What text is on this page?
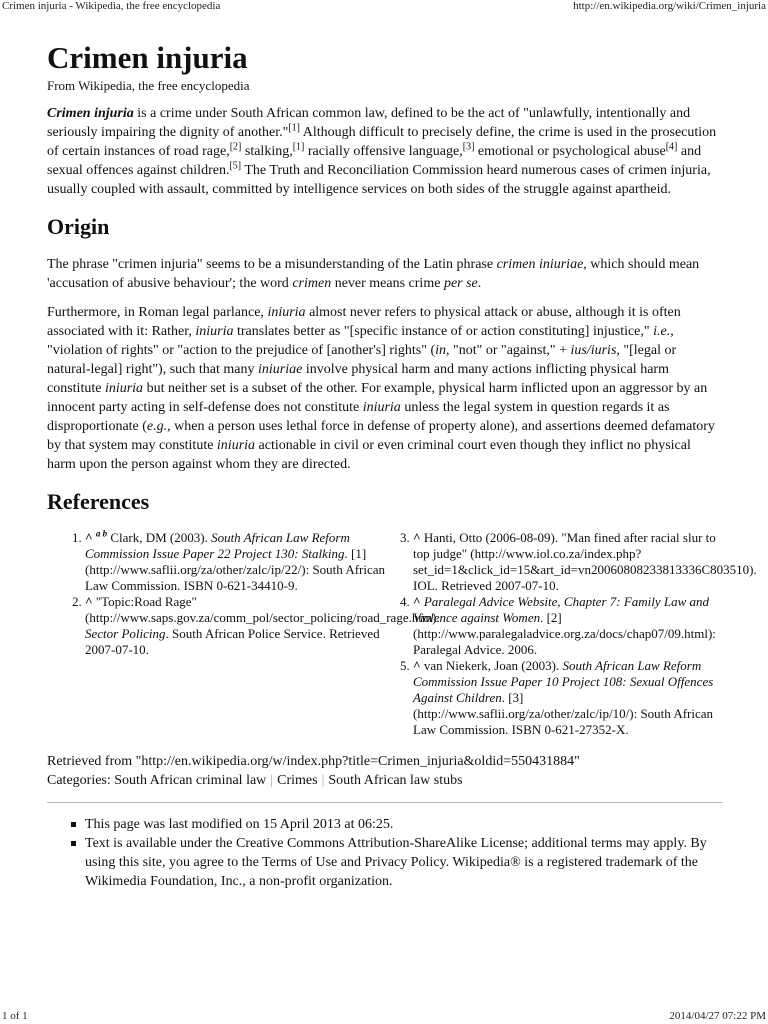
Crimen injuria - Wikipedia, the free encyclopedia	http://en.wikipedia.org/wiki/Crimen_injuria
Crimen injuria
From Wikipedia, the free encyclopedia

Crimen injuria is a crime under South African common law, defined to be the act of "unlawfully, intentionally and seriously impairing the dignity of another."[1] Although difficult to precisely define, the crime is used in the prosecution of certain instances of road rage,[2] stalking,[1] racially offensive language,[3] emotional or psychological abuse[4] and sexual offences against children.[5] The Truth and Reconciliation Commission heard numerous cases of crimen injuria, usually coupled with assault, committed by intelligence services on both sides of the struggle against apartheid.

Origin

The phrase "crimen injuria" seems to be a misunderstanding of the Latin phrase crimen iniuriae, which should mean 'accusation of abusive behaviour'; the word crimen never means crime per se.

Furthermore, in Roman legal parlance, iniuria almost never refers to physical attack or abuse, although it is often associated with it: Rather, iniuria translates better as "[specific instance of or action constituting] injustice," i.e., "violation of rights" or "action to the prejudice of [another's] rights" (in, "not" or "against," + ius/iuris, "[legal or natural-legal] right"), such that many iniuriae involve physical harm and many actions inflicting physical harm constitute iniuria but neither set is a subset of the other. For example, physical harm inflicted upon an aggressor by an innocent party acting in self-defense does not constitute iniuria unless the legal system in question regards it as disproportionate (e.g., when a person uses lethal force in defense of property alone), and assertions deemed defamatory by that system may constitute iniuria actionable in civil or even criminal court even though they inflict no physical harm upon the person against whom they are directed.

References
1. ^ $^{a b}$ Clark, DM (2003). South African Law Reform Commission Issue Paper 22 Project 130: Stalking. [1] (http://www.saflii.org/za/other/zalc/ip/22/): South African Law Commission. ISBN 0-621-34410-9.
2. ^ "Topic:Road Rage" (http://www.saps.gov.za/comm_pol/sector_policing/road_rage.htm). Sector Policing. South African Police Service. Retrieved 2007-07-10.
3. ^ Hanti, Otto (2006-08-09). "Man fined after racial slur to top judge" (http://www.iol.co.za/index.php?set_id=1&click_id=15&art_id=vn20060808233813336C803510). IOL. Retrieved 2007-07-10.
4. ^ Paralegal Advice Website, Chapter 7: Family Law and Violence against Women. [2] (http://www.paralegaladvice.org.za/docs/chap07/09.html): Paralegal Advice. 2006.
5. ^ van Niekerk, Joan (2003). South African Law Reform Commission Issue Paper 10 Project 108: Sexual Offences Against Children. [3] (http://www.saflii.org/za/other/zalc/ip/10/): South African Law Commission. ISBN 0-621-27352-X.
Retrieved from "http://en.wikipedia.org/w/index.php?title=Crimen_injuria&oldid=550431884"
Categories: South African criminal law | Crimes | South African law stubs
This page was last modified on 15 April 2013 at 06:25.
Text is available under the Creative Commons Attribution-ShareAlike License; additional terms may apply. By using this site, you agree to the Terms of Use and Privacy Policy. Wikipedia® is a registered trademark of the Wikimedia Foundation, Inc., a non-profit organization.
1 of 1	2014/04/27 07:22 PM
